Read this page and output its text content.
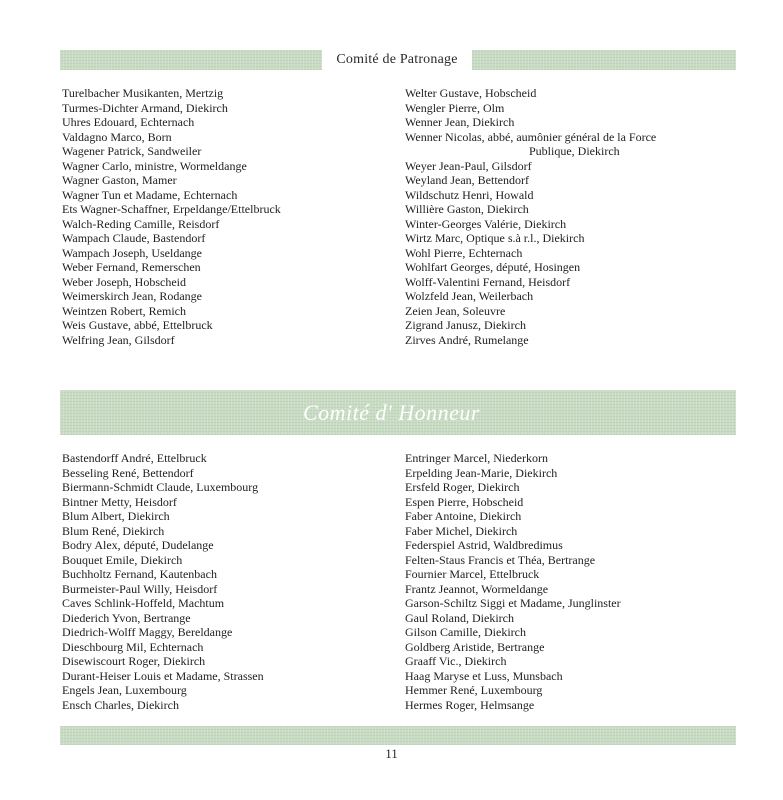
Comité de Patronage
Turelbacher Musikanten, Mertzig
Turmes-Dichter Armand, Diekirch
Uhres Edouard, Echternach
Valdagno Marco, Born
Wagener Patrick, Sandweiler
Wagner Carlo, ministre, Wormeldange
Wagner Gaston, Mamer
Wagner Tun et Madame, Echternach
Ets Wagner-Schaffner, Erpeldange/Ettelbruck
Walch-Reding Camille, Reisdorf
Wampach Claude, Bastendorf
Wampach Joseph, Useldange
Weber Fernand, Remerschen
Weber Joseph, Hobscheid
Weimerskirch Jean, Rodange
Weintzen Robert, Remich
Weis Gustave, abbé, Ettelbruck
Welfring Jean, Gilsdorf
Welter Gustave, Hobscheid
Wengler Pierre, Olm
Wenner Jean, Diekirch
Wenner Nicolas, abbé, aumônier général de la Force
Publique, Diekirch
Weyer Jean-Paul, Gilsdorf
Weyland Jean, Bettendorf
Wildschutz Henri, Howald
Willière Gaston, Diekirch
Winter-Georges Valérie, Diekirch
Wirtz Marc, Optique s.à r.l., Diekirch
Wohl Pierre, Echternach
Wohlfart Georges, député, Hosingen
Wolff-Valentini Fernand, Heisdorf
Wolzfeld Jean, Weilerbach
Zeien Jean, Soleuvre
Zigrand Janusz, Diekirch
Zirves André, Rumelange
Comité d' Honneur
Bastendorff André, Ettelbruck
Besseling René, Bettendorf
Biermann-Schmidt Claude, Luxembourg
Bintner Metty, Heisdorf
Blum Albert, Diekirch
Blum René, Diekirch
Bodry Alex, député, Dudelange
Bouquet Emile, Diekirch
Buchholtz Fernand, Kautenbach
Burmeister-Paul Willy, Heisdorf
Caves Schlink-Hoffeld, Machtum
Diederich Yvon, Bertrange
Diedrich-Wolff Maggy, Bereldange
Dieschbourg Mil, Echternach
Disewiscourt Roger, Diekirch
Durant-Heiser Louis et Madame, Strassen
Engels Jean, Luxembourg
Ensch Charles, Diekirch
Entringer Marcel, Niederkorn
Erpelding Jean-Marie, Diekirch
Ersfeld Roger, Diekirch
Espen Pierre, Hobscheid
Faber Antoine, Diekirch
Faber Michel, Diekirch
Federspiel Astrid, Waldbredimus
Felten-Staus Francis et Théa, Bertrange
Fournier Marcel, Ettelbruck
Frantz Jeannot, Wormeldange
Garson-Schiltz Siggi et Madame, Junglinster
Gaul Roland, Diekirch
Gilson Camille, Diekirch
Goldberg Aristide, Bertrange
Graaff Vic., Diekirch
Haag Maryse et Luss, Munsbach
Hemmer René, Luxembourg
Hermes Roger, Helmsange
11
